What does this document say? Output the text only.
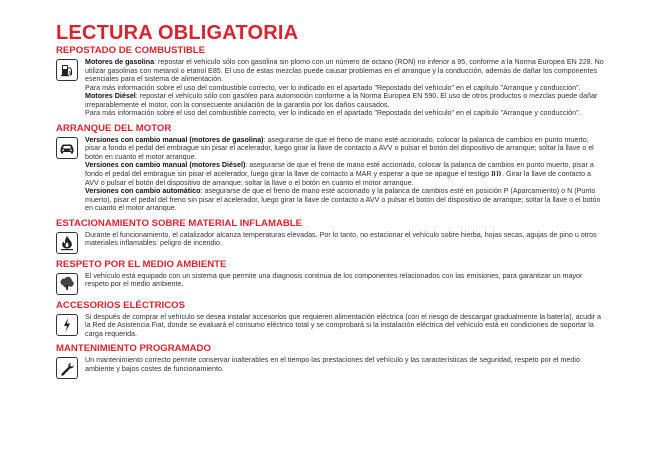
LECTURA OBLIGATORIA
REPOSTADO DE COMBUSTIBLE

Motores de gasolina: repostar el vehículo sólo con gasolina sin plomo con un número de octano (RON) no inferior a 95, conforme a la Norma Europea EN 228. No utilizar gasolinas con metanol o etanol E85. El uso de estas mezclas puede causar problemas en el arranque y la conducción, además de dañar los componentes esenciales para el sistema de alimentación.

Para más información sobre el uso del combustible correcto, ver lo indicado en el apartado "Repostado del vehículo" en el capítulo "Arranque y conducción".

Motores Diésel: repostar el vehículo sólo con gasóleo para automoción conforme a la Norma Europea EN 590. El uso de otros productos o mezclas puede dañar irreparablemente el motor, con la consecuente anulación de la garantía por los daños causados.

Para más información sobre el uso del combustible correcto, ver lo indicado en el apartado "Repostado del vehículo" en el capítulo "Arranque y conducción".

ARRANQUE DEL MOTOR

Versiones con cambio manual (motores de gasolina): asegurarse de que el freno de mano esté accionado, colocar la palanca de cambios en punto muerto, pisar a fondo el pedal del embrague sin pisar el acelerador, luego girar la llave de contacto a AVV o pulsar el botón del dispositivo de arranque; soltar la llave o el botón en cuanto el motor arranque.

Versiones con cambio manual (motores Diésel): asegurarse de que el freno de mano esté accionado, colocar la palanca de cambios en punto muerto, pisar a fondo el pedal del embrague sin pisar el acelerador, luego girar la llave de contacto a MAR y esperar a que se apague el testigo . Girar la llave de contacto a AVV o pulsar el botón del dispositivo de arranque; soltar la llave o el botón en cuanto el motor arranque.

Versiones con cambio automático: asegurarse de que el freno de mano esté accionado y la palanca de cambios esté en posición P (Aparcamiento) o N (Punto muerto), pisar el pedal del freno sin pisar el acelerador, luego girar la llave de contacto a AVV o pulsar el botón del dispositivo de arranque; soltar la llave o el botón en cuanto el motor arranque.

ESTACIONAMIENTO SOBRE MATERIAL INFLAMABLE

Durante el funcionamiento, el catalizador alcanza temperaturas elevadas. Por lo tanto, no estacionar el vehículo sobre hierba, hojas secas, agujas de pino u otros materiales inflamables: peligro de incendio.

RESPETO POR EL MEDIO AMBIENTE

El vehículo está equipado con un sistema que permite una diagnosis continua de los componentes relacionados con las emisiones, para garantizar un mayor respeto por el medio ambiente.

ACCESORIOS ELÉCTRICOS

Si después de comprar el vehículo se desea instalar accesorios que requieren alimentación eléctrica (con el riesgo de descargar gradualmente la batería), acudir a la Red de Asistencia Fiat, donde se evaluará el consumo eléctrico total y se comprobará si la instalación eléctrica del vehículo está en condiciones de soportar la carga requerida.

MANTENIMIENTO PROGRAMADO

Un mantenimiento correcto permite conservar inalterables en el tiempo las prestaciones del vehículo y las características de seguridad, respeto por el medio ambiente y bajos costes de funcionamiento.
